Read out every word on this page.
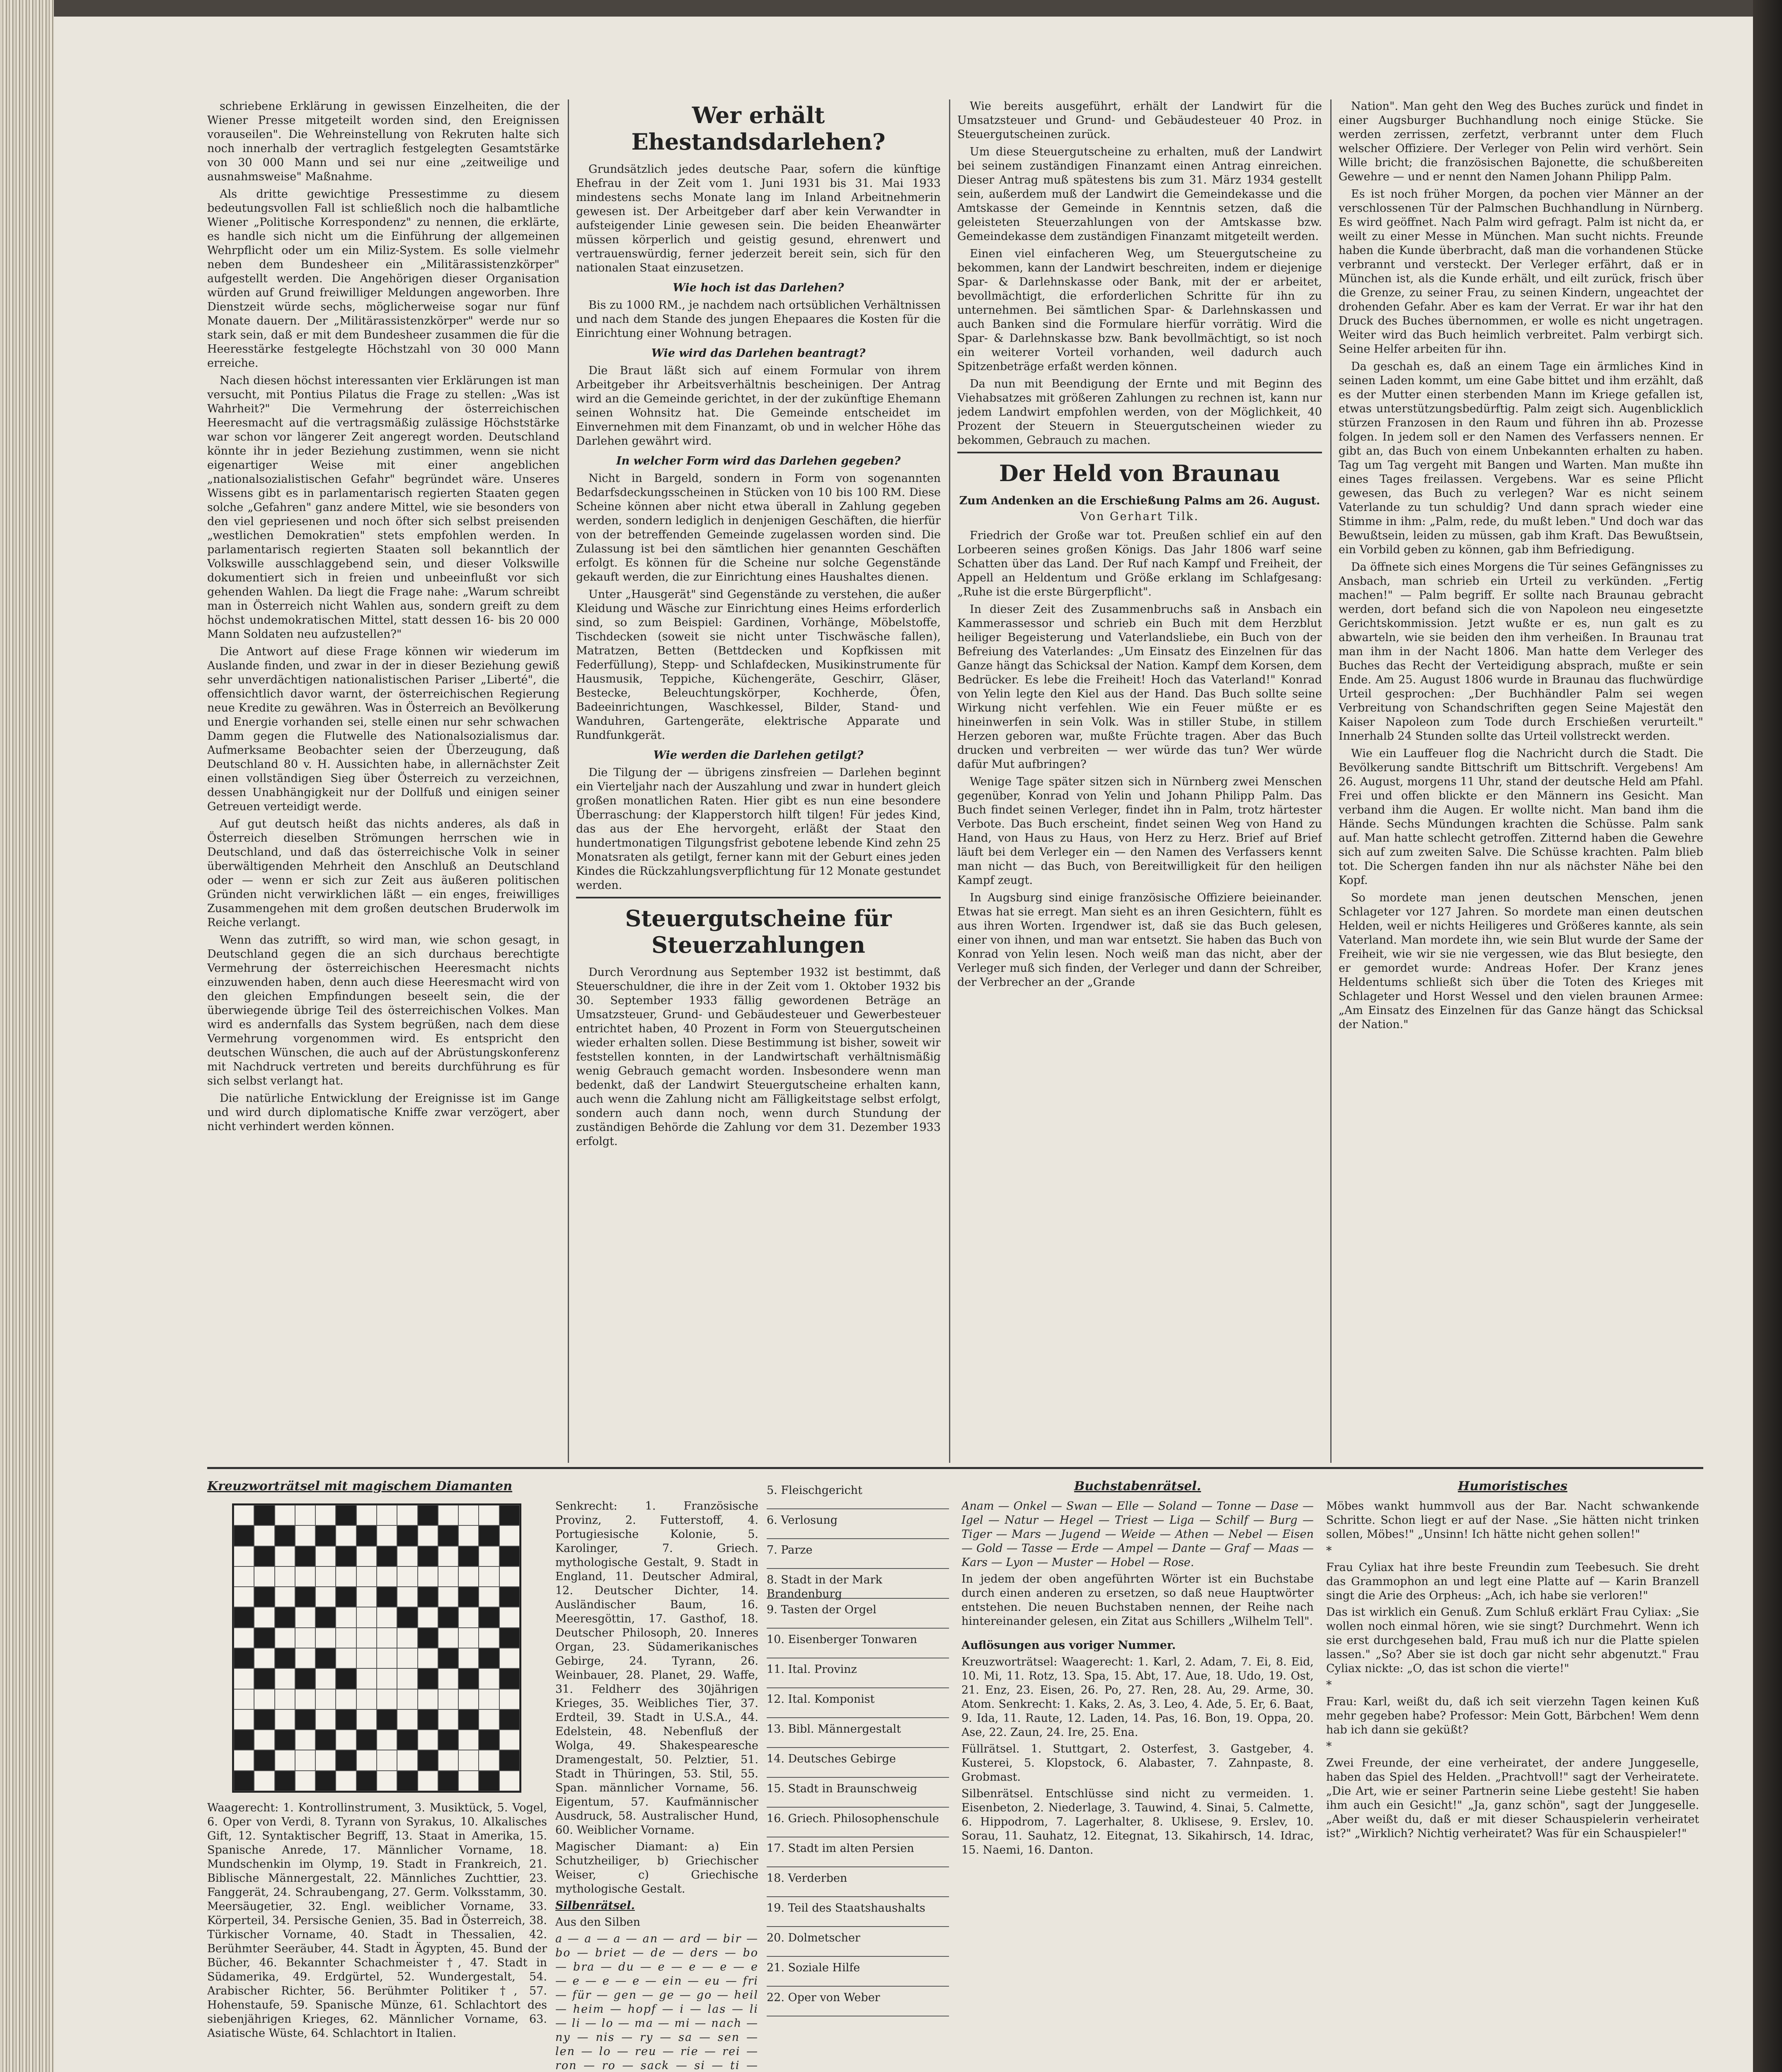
schriebene Erklärung in gewissen Einzelheiten, die der Wiener Presse mitgeteilt worden sind, den Ereignissen vorauseilen". Die Wehreinstellung von Rekruten halte sich noch innerhalb der vertraglich festgelegten Gesamtstärke von 30 000 Mann und sei nur eine „zeitweilige und ausnahmsweise" Maßnahme.

Als dritte gewichtige Pressestimme zu diesem bedeutungsvollen Fall ist schließlich noch die halbamtliche Wiener „Politische Korrespondenz" zu nennen, die erklärte, es handle sich nicht um die Einführung der allgemeinen Wehrpflicht oder um ein Miliz-System. Es solle vielmehr neben dem Bundesheer ein „Militärassistenzkörper" aufgestellt werden. Die Angehörigen dieser Organisation würden auf Grund freiwilliger Meldungen angeworben. Ihre Dienstzeit würde sechs, möglicherweise sogar nur fünf Monate dauern. Der „Militärassistenzkörper" werde nur so stark sein, daß er mit dem Bundesheer zusammen die für die Heeresstärke festgelegte Höchstzahl von 30 000 Mann erreiche.

Nach diesen höchst interessanten vier Erklärungen ist man versucht, mit Pontius Pilatus die Frage zu stellen: „Was ist Wahrheit?" Die Vermehrung der österreichischen Heeresmacht auf die vertragsmäßig zulässige Höchststärke war schon vor längerer Zeit angeregt worden. Deutschland könnte ihr in jeder Beziehung zustimmen, wenn sie nicht eigenartiger Weise mit einer angeblichen „nationalsozialistischen Gefahr" begründet wäre. Unseres Wissens gibt es in parlamentarisch regierten Staaten gegen solche „Gefahren" ganz andere Mittel, wie sie besonders von den viel gepriesenen und noch öfter sich selbst preisenden „westlichen Demokratien" stets empfohlen werden. In parlamentarisch regierten Staaten soll bekanntlich der Volkswille ausschlaggebend sein, und dieser Volkswille dokumentiert sich in freien und unbeeinflußt vor sich gehenden Wahlen. Da liegt die Frage nahe: „Warum schreibt man in Österreich nicht Wahlen aus, sondern greift zu dem höchst undemokratischen Mittel, statt dessen 16- bis 20 000 Mann Soldaten neu aufzustellen?"

Die Antwort auf diese Frage können wir wiederum im Auslande finden, und zwar in der in dieser Beziehung gewiß sehr unverdächtigen nationalistischen Pariser „Liberté", die offensichtlich davor warnt, der österreichischen Regierung neue Kredite zu gewähren. Was in Österreich an Bevölkerung und Energie vorhanden sei, stelle einen nur sehr schwachen Damm gegen die Flutwelle des Nationalsozialismus dar. Aufmerksame Beobachter seien der Überzeugung, daß Deutschland 80 v. H. Aussichten habe, in allernächster Zeit einen vollständigen Sieg über Österreich zu verzeichnen, dessen Unabhängigkeit nur der Dollfuß und einigen seiner Getreuen verteidigt werde.

Auf gut deutsch heißt das nichts anderes, als daß in Österreich dieselben Strömungen herrschen wie in Deutschland, und daß das österreichische Volk in seiner überwältigenden Mehrheit den Anschluß an Deutschland oder — wenn er sich zur Zeit aus äußeren politischen Gründen nicht verwirklichen läßt — ein enges, freiwilliges Zusammengehen mit dem großen deutschen Bruderwolk im Reiche verlangt.

Wenn das zutrifft, so wird man, wie schon gesagt, in Deutschland gegen die an sich durchaus berechtigte Vermehrung der österreichischen Heeresmacht nichts einzuwenden haben, denn auch diese Heeresmacht wird von den gleichen Empfindungen beseelt sein, die der überwiegende übrige Teil des österreichischen Volkes. Man wird es andernfalls das System begrüßen, nach dem diese Vermehrung vorgenommen wird. Es entspricht den deutschen Wünschen, die auch auf der Abrüstungskonferenz mit Nachdruck vertreten und bereits durchführung es für sich selbst verlangt hat.

Die natürliche Entwicklung der Ereignisse ist im Gange und wird durch diplomatische Kniffe zwar verzögert, aber nicht verhindert werden können.

Wer erhält Ehestandsdarlehen?

Grundsätzlich jedes deutsche Paar, sofern die künftige Ehefrau in der Zeit vom 1. Juni 1931 bis 31. Mai 1933 mindestens sechs Monate lang im Inland Arbeitnehmerin gewesen ist. Der Arbeitgeber darf aber kein Verwandter in aufsteigender Linie gewesen sein. Die beiden Eheanwärter müssen körperlich und geistig gesund, ehrenwert und vertrauenswürdig, ferner jederzeit bereit sein, sich für den nationalen Staat einzusetzen.

Wie hoch ist das Darlehen?

Bis zu 1000 RM., je nachdem nach ortsüblichen Verhältnissen und nach dem Stande des jungen Ehepaares die Kosten für die Einrichtung einer Wohnung betragen.

Wie wird das Darlehen beantragt?

Die Braut läßt sich auf einem Formular von ihrem Arbeitgeber ihr Arbeitsverhältnis bescheinigen. Der Antrag wird an die Gemeinde gerichtet, in der der zukünftige Ehemann seinen Wohnsitz hat. Die Gemeinde entscheidet im Einvernehmen mit dem Finanzamt, ob und in welcher Höhe das Darlehen gewährt wird.

In welcher Form wird das Darlehen gegeben?

Nicht in Bargeld, sondern in Form von sogenannten Bedarfsdeckungsscheinen in Stücken von 10 bis 100 RM. Diese Scheine können aber nicht etwa überall in Zahlung gegeben werden, sondern lediglich in denjenigen Geschäften, die hierfür von der betreffenden Gemeinde zugelassen worden sind. Die Zulassung ist bei den sämtlichen hier genannten Geschäften erfolgt. Es können für die Scheine nur solche Gegenstände gekauft werden, die zur Einrichtung eines Haushaltes dienen.

Unter „Hausgerät" sind Gegenstände zu verstehen, die außer Kleidung und Wäsche zur Einrichtung eines Heims erforderlich sind, so zum Beispiel: Gardinen, Vorhänge, Möbelstoffe, Tischdecken (soweit sie nicht unter Tischwäsche fallen), Matratzen, Betten (Bettdecken und Kopfkissen mit Federfüllung), Stepp- und Schlafdecken, Musikinstrumente für Hausmusik, Teppiche, Küchengeräte, Geschirr, Gläser, Bestecke, Beleuchtungskörper, Kochherde, Öfen, Badeeinrichtungen, Waschkessel, Bilder, Stand- und Wanduhren, Gartengeräte, elektrische Apparate und Rundfunkgerät.

Wie werden die Darlehen getilgt?

Die Tilgung der — übrigens zinsfreien — Darlehen beginnt ein Vierteljahr nach der Auszahlung und zwar in hundert gleich großen monatlichen Raten. Hier gibt es nun eine besondere Überraschung: der Klapperstorch hilft tilgen! Für jedes Kind, das aus der Ehe hervorgeht, erläßt der Staat den hundertmonatigen Tilgungsfrist gebotene lebende Kind zehn 25 Monatsraten als getilgt, ferner kann mit der Geburt eines jeden Kindes die Rückzahlungsverpflichtung für 12 Monate gestundet werden.

Steuergutscheine für Steuerzahlungen

Durch Verordnung aus September 1932 ist bestimmt, daß Steuerschuldner, die ihre in der Zeit vom 1. Oktober 1932 bis 30. September 1933 fällig gewordenen Beträge an Umsatzsteuer, Grund- und Gebäudesteuer und Gewerbesteuer entrichtet haben, 40 Prozent in Form von Steuergutscheinen wieder erhalten sollen. Diese Bestimmung ist bisher, soweit wir feststellen konnten, in der Landwirtschaft verhältnismäßig wenig Gebrauch gemacht worden. Insbesondere wenn man bedenkt, daß der Landwirt Steuergutscheine erhalten kann, auch wenn die Zahlung nicht am Fälligkeitstage selbst erfolgt, sondern auch dann noch, wenn durch Stundung der zuständigen Behörde die Zahlung vor dem 31. Dezember 1933 erfolgt.

Wie bereits ausgeführt, erhält der Landwirt für die Umsatzsteuer und Grund- und Gebäudesteuer 40 Proz. in Steuergutscheinen zurück.

Um diese Steuergutscheine zu erhalten, muß der Landwirt bei seinem zuständigen Finanzamt einen Antrag einreichen. Dieser Antrag muß spätestens bis zum 31. März 1934 gestellt sein, außerdem muß der Landwirt die Gemeindekasse und die Amtskasse der Gemeinde in Kenntnis setzen, daß die geleisteten Steuerzahlungen von der Amtskasse bzw. Gemeindekasse dem zuständigen Finanzamt mitgeteilt werden.

Einen viel einfacheren Weg, um Steuergutscheine zu bekommen, kann der Landwirt beschreiten, indem er diejenige Spar- & Darlehnskasse oder Bank, mit der er arbeitet, bevollmächtigt, die erforderlichen Schritte für ihn zu unternehmen. Bei sämtlichen Spar- & Darlehnskassen und auch Banken sind die Formulare hierfür vorrätig. Wird die Spar- & Darlehnskasse bzw. Bank bevollmächtigt, so ist noch ein weiterer Vorteil vorhanden, weil dadurch auch Spitzenbeträge erfaßt werden können.

Da nun mit Beendigung der Ernte und mit Beginn des Viehabsatzes mit größeren Zahlungen zu rechnen ist, kann nur jedem Landwirt empfohlen werden, von der Möglichkeit, 40 Prozent der Steuern in Steuergutscheinen wieder zu bekommen, Gebrauch zu machen.

Der Held von Braunau

Zum Andenken an die Erschießung Palms am 26. August.

Von Gerhart Tilk.

Friedrich der Große war tot. Preußen schlief ein auf den Lorbeeren seines großen Königs. Das Jahr 1806 warf seine Schatten über das Land. Der Ruf nach Kampf und Freiheit, der Appell an Heldentum und Größe erklang im Schlafgesang: „Ruhe ist die erste Bürgerpflicht".

In dieser Zeit des Zusammenbruchs saß in Ansbach ein Kammerassessor und schrieb ein Buch mit dem Herzblut heiliger Begeisterung und Vaterlandsliebe, ein Buch von der Befreiung des Vaterlandes: „Um Einsatz des Einzelnen für das Ganze hängt das Schicksal der Nation. Kampf dem Korsen, dem Bedrücker. Es lebe die Freiheit! Hoch das Vaterland!" Konrad von Yelin legte den Kiel aus der Hand. Das Buch sollte seine Wirkung nicht verfehlen. Wie ein Feuer müßte er es hineinwerfen in sein Volk. Was in stiller Stube, in stillem Herzen geboren war, mußte Früchte tragen. Aber das Buch drucken und verbreiten — wer würde das tun? Wer würde dafür Mut aufbringen?

Wenige Tage später sitzen sich in Nürnberg zwei Menschen gegenüber, Konrad von Yelin und Johann Philipp Palm. Das Buch findet seinen Verleger, findet ihn in Palm, trotz härtester Verbote. Das Buch erscheint, findet seinen Weg von Hand zu Hand, von Haus zu Haus, von Herz zu Herz. Brief auf Brief läuft bei dem Verleger ein — den Namen des Verfassers kennt man nicht — das Buch, von Bereitwilligkeit für den heiligen Kampf zeugt.

In Augsburg sind einige französische Offiziere beieinander. Etwas hat sie erregt. Man sieht es an ihren Gesichtern, fühlt es aus ihren Worten. Irgendwer ist, daß sie das Buch gelesen, einer von ihnen, und man war entsetzt. Sie haben das Buch von Konrad von Yelin lesen. Noch weiß man das nicht, aber der Verleger muß sich finden, der Verleger und dann der Schreiber, der Verbrecher an der „Grande

Nation". Man geht den Weg des Buches zurück und findet in einer Augsburger Buchhandlung noch einige Stücke. Sie werden zerrissen, zerfetzt, verbrannt unter dem Fluch welscher Offiziere. Der Verleger von Pelin wird verhört. Sein Wille bricht; die französischen Bajonette, die schußbereiten Gewehre — und er nennt den Namen Johann Philipp Palm.

Es ist noch früher Morgen, da pochen vier Männer an der verschlossenen Tür der Palmschen Buchhandlung in Nürnberg. Es wird geöffnet. Nach Palm wird gefragt. Palm ist nicht da, er weilt zu einer Messe in München. Man sucht nichts. Freunde haben die Kunde überbracht, daß man die vorhandenen Stücke verbrannt und versteckt. Der Verleger erfährt, daß er in München ist, als die Kunde erhält, und eilt zurück, frisch über die Grenze, zu seiner Frau, zu seinen Kindern, ungeachtet der drohenden Gefahr. Aber es kam der Verrat. Er war ihr hat den Druck des Buches übernommen, er wolle es nicht ungetragen. Weiter wird das Buch heimlich verbreitet. Palm verbirgt sich. Seine Helfer arbeiten für ihn.

Da geschah es, daß an einem Tage ein ärmliches Kind in seinen Laden kommt, um eine Gabe bittet und ihm erzählt, daß es der Mutter einen sterbenden Mann im Kriege gefallen ist, etwas unterstützungsbedürftig. Palm zeigt sich. Augenblicklich stürzen Franzosen in den Raum und führen ihn ab. Prozesse folgen. In jedem soll er den Namen des Verfassers nennen. Er gibt an, das Buch von einem Unbekannten erhalten zu haben. Tag um Tag vergeht mit Bangen und Warten. Man mußte ihn eines Tages freilassen. Vergebens. War es seine Pflicht gewesen, das Buch zu verlegen? War es nicht seinem Vaterlande zu tun schuldig? Und dann sprach wieder eine Stimme in ihm: „Palm, rede, du mußt leben." Und doch war das Bewußtsein, leiden zu müssen, gab ihm Kraft. Das Bewußtsein, ein Vorbild geben zu können, gab ihm Befriedigung.

Da öffnete sich eines Morgens die Tür seines Gefängnisses zu Ansbach, man schrieb ein Urteil zu verkünden. „Fertig machen!" — Palm begriff. Er sollte nach Braunau gebracht werden, dort befand sich die von Napoleon neu eingesetzte Gerichtskommission. Jetzt wußte er es, nun galt es zu abwarteln, wie sie beiden den ihm verheißen. In Braunau trat man ihm in der Nacht 1806. Man hatte dem Verleger des Buches das Recht der Verteidigung absprach, mußte er sein Ende. Am 25. August 1806 wurde in Braunau das fluchwürdige Urteil gesprochen: „Der Buchhändler Palm sei wegen Verbreitung von Schandschriften gegen Seine Majestät den Kaiser Napoleon zum Tode durch Erschießen verurteilt." Innerhalb 24 Stunden sollte das Urteil vollstreckt werden.

Wie ein Lauffeuer flog die Nachricht durch die Stadt. Die Bevölkerung sandte Bittschrift um Bittschrift. Vergebens! Am 26. August, morgens 11 Uhr, stand der deutsche Held am Pfahl. Frei und offen blickte er den Männern ins Gesicht. Man verband ihm die Augen. Er wollte nicht. Man band ihm die Hände. Sechs Mündungen krachten die Schüsse. Palm sank auf. Man hatte schlecht getroffen. Zitternd haben die Gewehre sich auf zum zweiten Salve. Die Schüsse krachten. Palm blieb tot. Die Schergen fanden ihn nur als nächster Nähe bei den Kopf.

So mordete man jenen deutschen Menschen, jenen Schlageter vor 127 Jahren. So mordete man einen deutschen Helden, weil er nichts Heiligeres und Größeres kannte, als sein Vaterland. Man mordete ihn, wie sein Blut wurde der Same der Freiheit, wie wir sie nie vergessen, wie das Blut besiegte, den er gemordet wurde: Andreas Hofer. Der Kranz jenes Heldentums schließt sich über die Toten des Krieges mit Schlageter und Horst Wessel und den vielen braunen Armee: „Am Einsatz des Einzelnen für das Ganze hängt das Schicksal der Nation."

Kreuzworträtsel mit magischem Diamanten

Waagerecht: 1. Kontrollinstrument, 3. Musiktück, 5. Vogel, 6. Oper von Verdi, 8. Tyrann von Syrakus, 10. Alkalisches Gift, 12. Syntaktischer Begriff, 13. Staat in Amerika, 15. Spanische Anrede, 17. Männlicher Vorname, 18. Mundschenkin im Olymp, 19. Stadt in Frankreich, 21. Biblische Männergestalt, 22. Männliches Zuchttier, 23. Fanggerät, 24. Schraubengang, 27. Germ. Volksstamm, 30. Meersäugetier, 32. Engl. weiblicher Vorname, 33. Körperteil, 34. Persische Genien, 35. Bad in Österreich, 38. Türkischer Vorname, 40. Stadt in Thessalien, 42. Berühmter Seeräuber, 44. Stadt in Ägypten, 45. Bund der Bücher, 46. Bekannter Schachmeister †, 47. Stadt in Südamerika, 49. Erdgürtel, 52. Wundergestalt, 54. Arabischer Richter, 56. Berühmter Politiker †, 57. Hohenstaufe, 59. Spanische Münze, 61. Schlachtort des siebenjährigen Krieges, 62. Männlicher Vorname, 63. Asiatische Wüste, 64. Schlachtort in Italien.

Senkrecht: 1. Französische Provinz, 2. Futterstoff, 4. Portugiesische Kolonie, 5. Karolinger, 7. Griech. mythologische Gestalt, 9. Stadt in England, 11. Deutscher Admiral, 12. Deutscher Dichter, 14. Ausländischer Baum, 16. Meeresgöttin, 17. Gasthof, 18. Deutscher Philosoph, 20. Inneres Organ, 23. Südamerikanisches Gebirge, 24. Tyrann, 26. Weinbauer, 28. Planet, 29. Waffe, 31. Feldherr des 30jährigen Krieges, 35. Weibliches Tier, 37. Erdteil, 39. Stadt in U.S.A., 44. Edelstein, 48. Nebenfluß der Wolga, 49. Shakespearesche Dramengestalt, 50. Pelztier, 51. Stadt in Thüringen, 53. Stil, 55. Span. männlicher Vorname, 56. Eigentum, 57. Kaufmännischer Ausdruck, 58. Australischer Hund, 60. Weiblicher Vorname.

Magischer Diamant: a) Ein Schutzheiliger, b) Griechischer Weiser, c) Griechische mythologische Gestalt.

Silbenrätsel.

Aus den Silben

a — a — a — an — ard — bir — bo — briet — de — ders — bo — bra — du — e — e — e — e — e — e — e — ein — eu — fri — für — gen — ge — go — heil — heim — hopf — i — las — li — li — lo — ma — mi — nach — ny — nis — ry — sa — sen — len — lo — reu — rie — rei — ron — ro — sack — si — ti —

5. Fleischgericht
6. Verlosung
7. Parze
8. Stadt in der Mark Brandenburg
9. Tasten der Orgel
10. Eisenberger Tonwaren
11. Ital. Provinz
12. Ital. Komponist
13. Bibl. Männergestalt
14. Deutsches Gebirge
15. Stadt in Braunschweig
16. Griech. Philosophenschule
17. Stadt im alten Persien
18. Verderben
19. Teil des Staatshaushalts
20. Dolmetscher
21. Soziale Hilfe
22. Oper von Weber
Buchstabenrätsel.

Anam — Onkel — Swan — Elle — Soland — Tonne — Dase — Igel — Natur — Hegel — Triest — Liga — Schilf — Burg — Tiger — Mars — Jugend — Weide — Athen — Nebel — Eisen — Gold — Tasse — Erde — Ampel — Dante — Graf — Maas — Kars — Lyon — Muster — Hobel — Rose.

In jedem der oben angeführten Wörter ist ein Buchstabe durch einen anderen zu ersetzen, so daß neue Hauptwörter entstehen. Die neuen Buchstaben nennen, der Reihe nach hintereinander gelesen, ein Zitat aus Schillers „Wilhelm Tell".

Auflösungen aus voriger Nummer.

Kreuzworträtsel: Waagerecht: 1. Karl, 2. Adam, 7. Ei, 8. Eid, 10. Mi, 11. Rotz, 13. Spa, 15. Abt, 17. Aue, 18. Udo, 19. Ost, 21. Enz, 23. Eisen, 26. Po, 27. Ren, 28. Au, 29. Arme, 30. Atom. Senkrecht: 1. Kaks, 2. As, 3. Leo, 4. Ade, 5. Er, 6. Baat, 9. Ida, 11. Raute, 12. Laden, 14. Pas, 16. Bon, 19. Oppa, 20. Ase, 22. Zaun, 24. Ire, 25. Ena.

Füllrätsel. 1. Stuttgart, 2. Osterfest, 3. Gastgeber, 4. Kusterei, 5. Klopstock, 6. Alabaster, 7. Zahnpaste, 8. Grobmast.

Silbenrätsel. Entschlüsse sind nicht zu vermeiden. 1. Eisenbeton, 2. Niederlage, 3. Tauwind, 4. Sinai, 5. Calmette, 6. Hippodrom, 7. Lagerhalter, 8. Uklisese, 9. Erslev, 10. Sorau, 11. Sauhatz, 12. Eitegnat, 13. Sikahirsch, 14. Idrac, 15. Naemi, 16. Danton.

Humoristisches

Möbes wankt hummvoll aus der Bar. Nacht schwankende Schritte. Schon liegt er auf der Nase. „Sie hätten nicht trinken sollen, Möbes!" „Unsinn! Ich hätte nicht gehen sollen!"

*

Frau Cyliax hat ihre beste Freundin zum Teebesuch. Sie dreht das Grammophon an und legt eine Platte auf — Karin Branzell singt die Arie des Orpheus: „Ach, ich habe sie verloren!"

Das ist wirklich ein Genuß. Zum Schluß erklärt Frau Cyliax: „Sie wollen noch einmal hören, wie sie singt? Durchmehrt. Wenn ich sie erst durchgesehen bald, Frau muß ich nur die Platte spielen lassen." „So? Aber sie ist doch gar nicht sehr abgenutzt." Frau Cyliax nickte: „O, das ist schon die vierte!"

*

Frau: Karl, weißt du, daß ich seit vierzehn Tagen keinen Kuß mehr gegeben habe? Professor: Mein Gott, Bärbchen! Wem denn hab ich dann sie geküßt?

*

Zwei Freunde, der eine verheiratet, der andere Junggeselle, haben das Spiel des Helden. „Prachtvoll!" sagt der Verheiratete. „Die Art, wie er seiner Partnerin seine Liebe gesteht! Sie haben ihm auch ein Gesicht!" „Ja, ganz schön", sagt der Junggeselle. „Aber weißt du, daß er mit dieser Schauspielerin verheiratet ist?" „Wirklich? Nichtig verheiratet? Was für ein Schauspieler!"
